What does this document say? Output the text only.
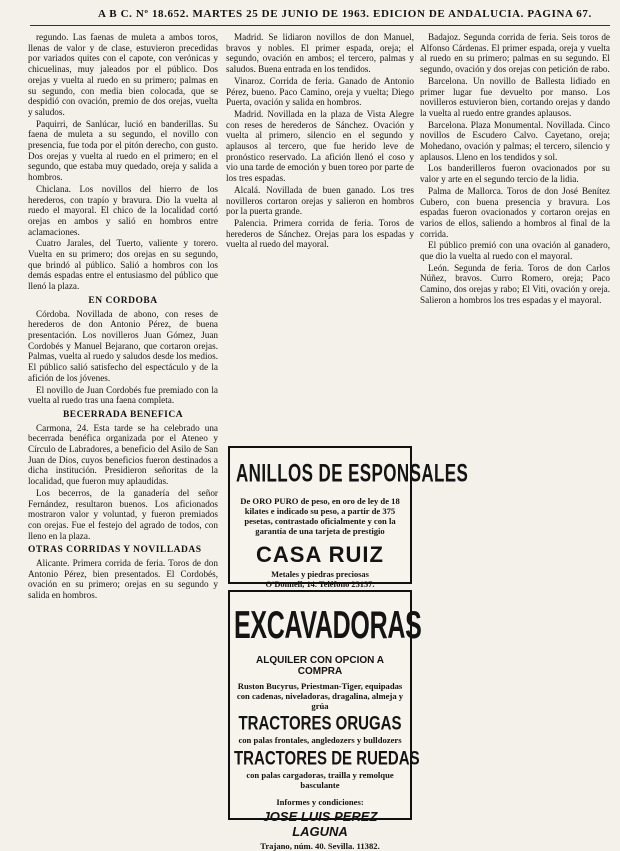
A B C. Nº 18.652. MARTES 25 DE JUNIO DE 1963. EDICION DE ANDALUCIA. PAGINA 67.

regundo. Las faenas de muleta a ambos toros, llenas de valor y de clase, estuvieron precedidas por variados quites con el capote, con verónicas y chicuelinas, muy jaleados por el público. Dos orejas y vuelta al ruedo en su primero; palmas en su segundo, con media bien colocada, que se despidió con ovación, premio de dos orejas, vuelta y saludos.

Paquirri, de Sanlúcar, lució en banderillas. Su faena de muleta a su segundo, el novillo con presencia, fue toda por el pitón derecho, con gusto. Dos orejas y vuelta al ruedo en el primero; en el segundo, que estaba muy quedado, oreja y salida a hombros.

Chiclana. Los novillos del hierro de los herederos, con trapío y bravura. Dio la vuelta al ruedo el mayoral. El chico de la localidad cortó orejas en ambos y salió en hombros entre aclamaciones.

Cuatro Jarales, del Tuerto, valiente y torero. Vuelta en su primero; dos orejas en su segundo, que brindó al público. Salió a hombros con los demás espadas entre el entusiasmo del público que llenó la plaza.

EN CORDOBA

Córdoba. Novillada de abono, con reses de herederos de don Antonio Pérez, de buena presentación. Los novilleros Juan Gómez, Juan Cordobés y Manuel Bejarano, que cortaron orejas. Palmas, vuelta al ruedo y saludos desde los medios. El público salió satisfecho del espectáculo y de la afición de los jóvenes.

El novillo de Juan Cordobés fue premiado con la vuelta al ruedo tras una faena completa.

BECERRADA BENEFICA

Carmona, 24. Esta tarde se ha celebrado una becerrada benéfica organizada por el Ateneo y Círculo de Labradores, a beneficio del Asilo de San Juan de Dios, cuyos beneficios fueron destinados a dicha institución. Presidieron señoritas de la localidad, que fueron muy aplaudidas.

Los becerros, de la ganadería del señor Fernández, resultaron buenos. Los aficionados mostraron valor y voluntad, y fueron premiados con orejas. Fue el festejo del agrado de todos, con lleno en la plaza.

OTRAS CORRIDAS Y NOVILLADAS

Alicante. Primera corrida de feria. Toros de don Antonio Pérez, bien presentados. El Cordobés, ovación en su primero; orejas en su segundo y salida en hombros.

Madrid. Se lidiaron novillos de don Manuel, bravos y nobles. El primer espada, oreja; el segundo, ovación en ambos; el tercero, palmas y saludos. Buena entrada en los tendidos.

Vinaroz. Corrida de feria. Ganado de Antonio Pérez, bueno. Paco Camino, oreja y vuelta; Diego Puerta, ovación y salida en hombros.

Madrid. Novillada en la plaza de Vista Alegre con reses de herederos de Sánchez. Ovación y vuelta al primero, silencio en el segundo y aplausos al tercero, que fue herido leve de pronóstico reservado. La afición llenó el coso y vio una tarde de emoción y buen toreo por parte de los tres espadas.

Alcalá. Novillada de buen ganado. Los tres novilleros cortaron orejas y salieron en hombros por la puerta grande.

Palencia. Primera corrida de feria. Toros de herederos de Sánchez. Orejas para los espadas y vuelta al ruedo del mayoral.

ANILLOS DE ESPONSALES
De ORO PURO de peso, en oro de ley de 18 kilates e indicado su peso, a partir de 375 pesetas, contrastado oficialmente y con la garantía de una tarjeta de prestigio
CASA RUIZ
Metales y piedras preciosas
O'Donnell, 14. Teléfono 23137.
EXCAVADORAS
ALQUILER CON OPCION A COMPRA
Ruston Bucyrus, Priestman-Tiger, equipadas con cadenas, niveladoras, dragalina, almeja y grúa
TRACTORES ORUGAS
con palas frontales, angledozers y bulldozers
TRACTORES DE RUEDAS
con palas cargadoras, trailla y remolque basculante
Informes y condiciones:
JOSE LUIS PEREZ LAGUNA
Trajano, núm. 40. Sevilla. 11382.

Badajoz. Segunda corrida de feria. Seis toros de Alfonso Cárdenas. El primer espada, oreja y vuelta al ruedo en su primero; palmas en su segundo. El segundo, ovación y dos orejas con petición de rabo.

Barcelona. Un novillo de Ballesta lidiado en primer lugar fue devuelto por manso. Los novilleros estuvieron bien, cortando orejas y dando la vuelta al ruedo entre grandes aplausos.

Barcelona. Plaza Monumental. Novillada. Cinco novillos de Escudero Calvo. Cayetano, oreja; Mohedano, ovación y palmas; el tercero, silencio y aplausos. Lleno en los tendidos y sol.

Los banderilleros fueron ovacionados por su valor y arte en el segundo tercio de la lidia.

Palma de Mallorca. Toros de don José Benítez Cubero, con buena presencia y bravura. Los espadas fueron ovacionados y cortaron orejas en varios de ellos, saliendo a hombros al final de la corrida.

El público premió con una ovación al ganadero, que dio la vuelta al ruedo con el mayoral.

León. Segunda de feria. Toros de don Carlos Núñez, bravos. Curro Romero, oreja; Paco Camino, dos orejas y rabo; El Viti, ovación y oreja. Salieron a hombros los tres espadas y el mayoral.
